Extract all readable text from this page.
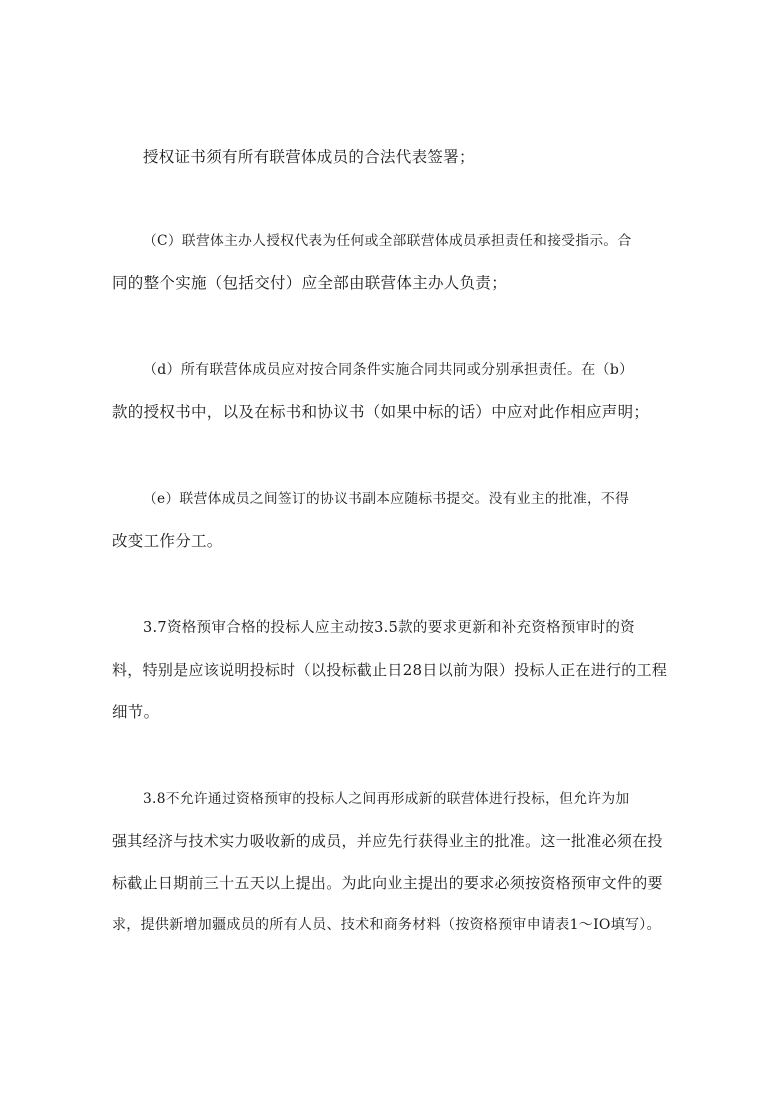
授权证书须有所有联营体成员的合法代表签署；

（C）联营体主办人授权代表为任何或全部联营体成员承担责任和接受指示。合
同的整个实施（包括交付）应全部由联营体主办人负责；

（d）所有联营体成员应对按合同条件实施合同共同或分别承担责任。在（b）
款的授权书中，以及在标书和协议书（如果中标的话）中应对此作相应声明；

（e）联营体成员之间签订的协议书副本应随标书提交。没有业主的批准，不得
改变工作分工。

3.7资格预审合格的投标人应主动按3.5款的要求更新和补充资格预审时的资
料，特别是应该说明投标时（以投标截止日28日以前为限）投标人正在进行的工程
细节。

3.8不允许通过资格预审的投标人之间再形成新的联营体进行投标，但允许为加
强其经济与技术实力吸收新的成员，并应先行获得业主的批准。这一批准必须在投
标截止日期前三十五天以上提出。为此向业主提出的要求必须按资格预审文件的要
求，提供新增加疆成员的所有人员、技术和商务材料（按资格预审申请表1～IO填写）。
